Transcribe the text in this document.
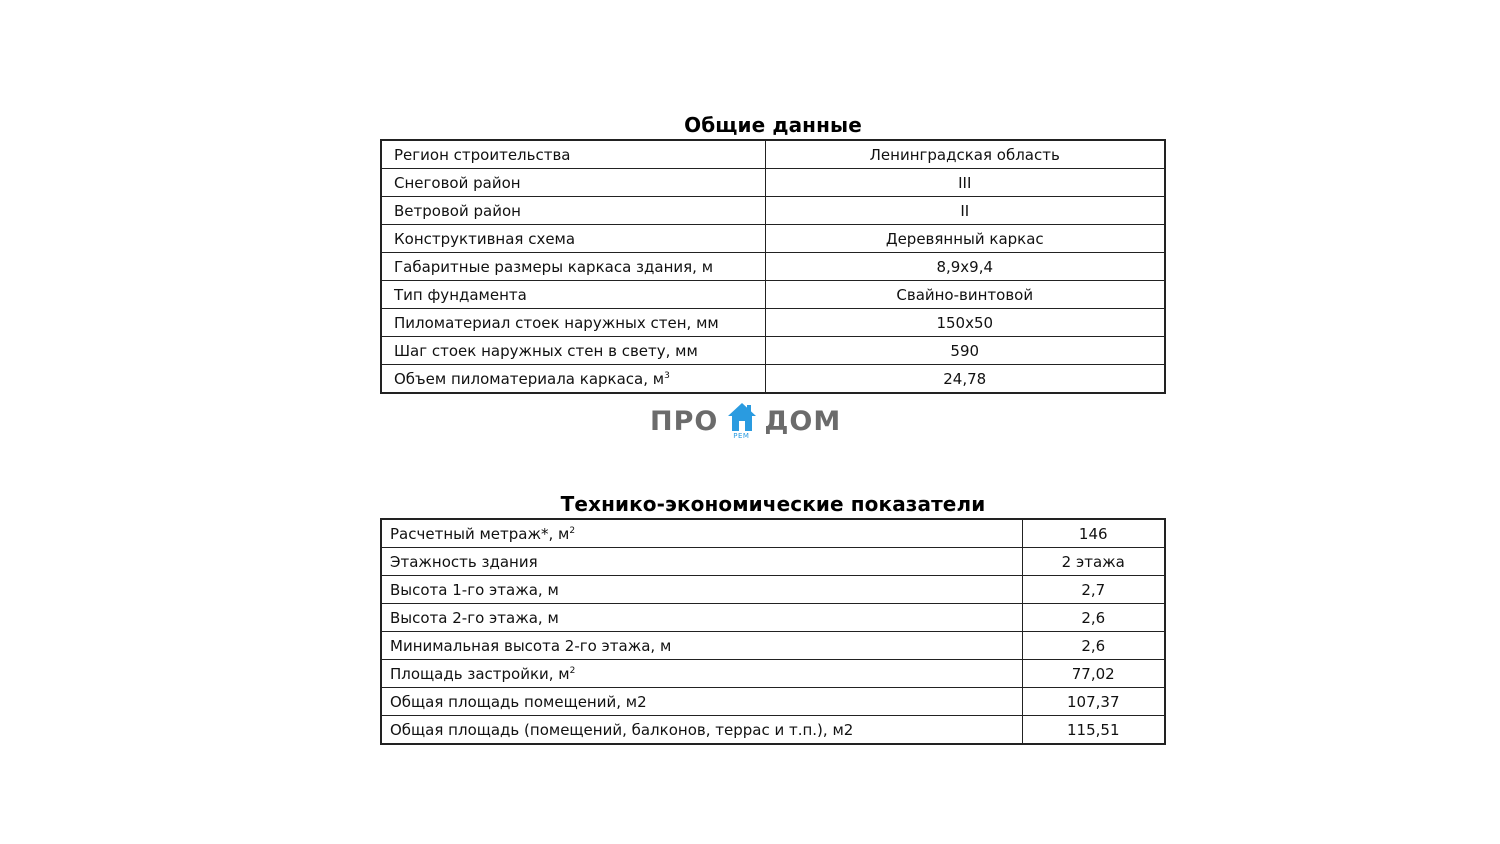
Общие данные
Регион строительства	Ленинградская область
Снеговой район	III
Ветровой район	II
Конструктивная схема	Деревянный каркас
Габаритные размеры каркаса здания, м	8,9х9,4
Тип фундамента	Свайно-винтовой
Пиломатериал стоек наружных стен, мм	150х50
Шаг стоек наружных стен в свету, мм	590
Объем пиломатериала каркаса, $м^3$	24,78
ПРО	РЕМ ДОМ
Технико-экономические показатели
Расчетный метраж*, $м^2$	146
Этажность здания	2 этажа
Высота 1-го этажа, м	2,7
Высота 2-го этажа, м	2,6
Минимальная высота 2-го этажа, м	2,6
Площадь застройки, $м^2$	77,02
Общая площадь помещений, м2	107,37
Общая площадь (помещений, балконов, террас и т.п.), м2	115,51
